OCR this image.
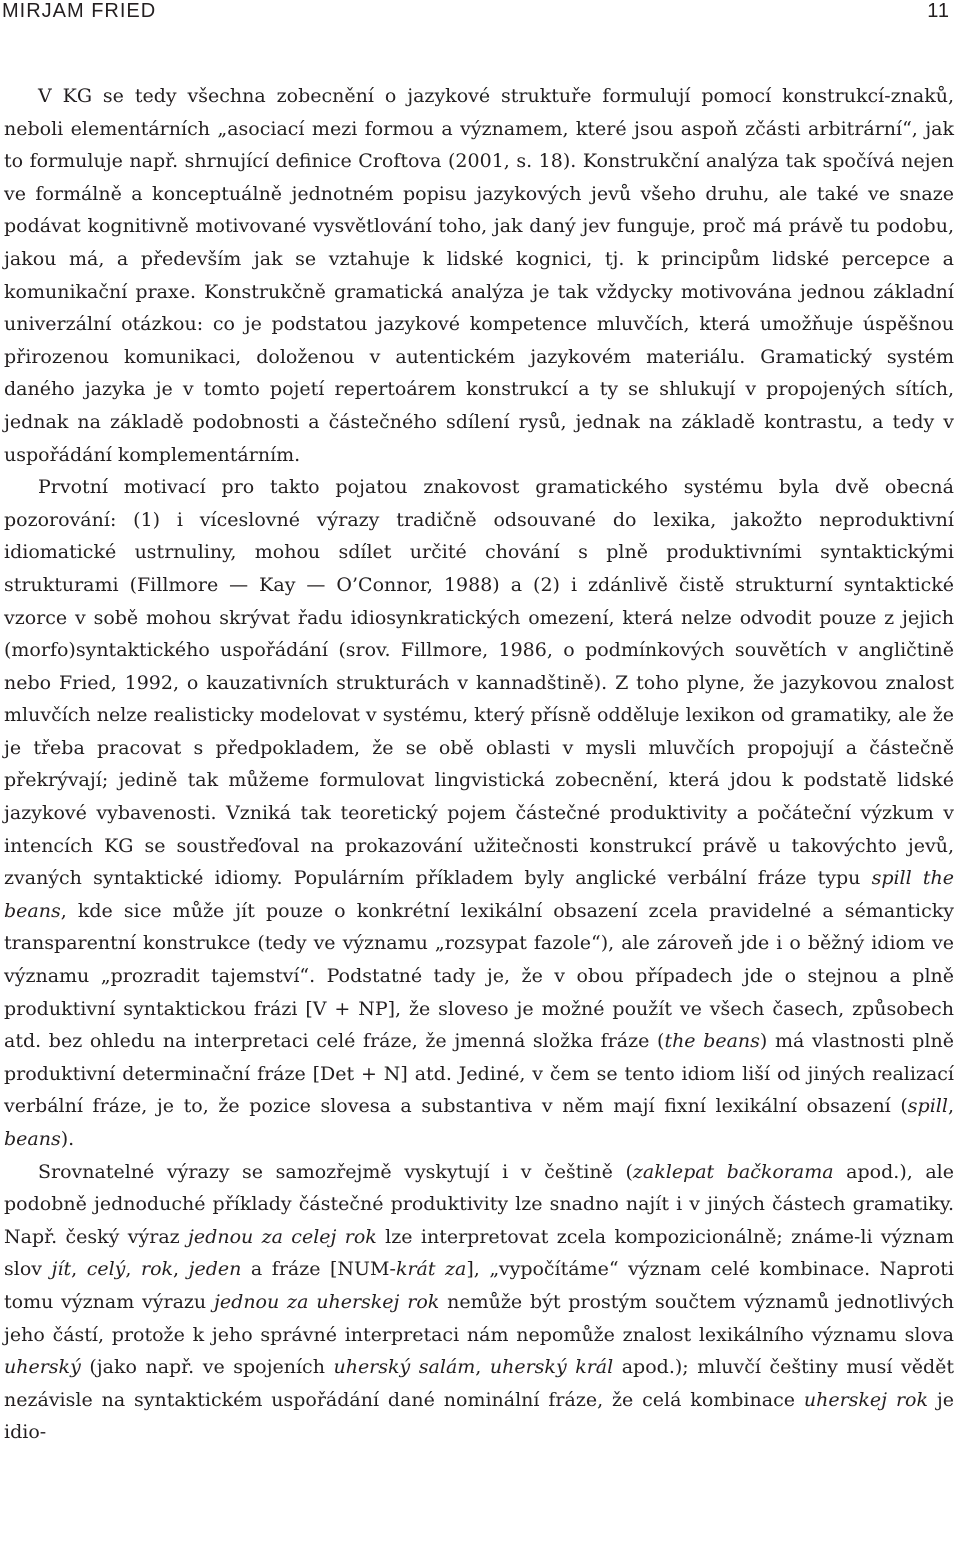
MIRJAM FRIED	11

V KG se tedy všechna zobecnění o jazykové struktuře formulují pomocí konstrukcí-znaků, neboli elementárních „asociací mezi formou a významem, které jsou aspoň zčásti arbitrární“, jak to formuluje např. shrnující definice Croftova (2001, s. 18). Konstrukční analýza tak spočívá nejen ve formálně a konceptuálně jednotném popisu jazykových jevů všeho druhu, ale také ve snaze podávat kognitivně motivované vysvětlování toho, jak daný jev funguje, proč má právě tu podobu, jakou má, a především jak se vztahuje k lidské kognici, tj. k principům lidské percepce a komunikační praxe. Konstrukčně gramatická analýza je tak vždycky motivována jednou základní univerzální otázkou: co je podstatou jazykové kompetence mluvčích, která umožňuje úspěšnou přirozenou komunikaci, doloženou v autentickém jazykovém materiálu. Gramatický systém daného jazyka je v tomto pojetí repertoárem konstrukcí a ty se shlukují v propojených sítích, jednak na základě podobnosti a částečného sdílení rysů, jednak na základě kontrastu, a tedy v uspořádání komplementárním.

Prvotní motivací pro takto pojatou znakovost gramatického systému byla dvě obecná pozorování: (1) i víceslovné výrazy tradičně odsouvané do lexika, jakožto neproduktivní idiomatické ustrnuliny, mohou sdílet určité chování s plně produktivními syntaktickými strukturami (Fillmore — Kay — O’Connor, 1988) a (2) i zdánlivě čistě strukturní syntaktické vzorce v sobě mohou skrývat řadu idiosynkratických omezení, která nelze odvodit pouze z jejich (morfo)syntaktického uspořádání (srov. Fillmore, 1986, o podmínkových souvětích v angličtině nebo Fried, 1992, o kauzativních strukturách v kannadštině). Z toho plyne, že jazykovou znalost mluvčích nelze realisticky modelovat v systému, který přísně odděluje lexikon od gramatiky, ale že je třeba pracovat s předpokladem, že se obě oblasti v mysli mluvčích propojují a částečně překrývají; jedině tak můžeme formulovat lingvistická zobecnění, která jdou k podstatě lidské jazykové vybavenosti. Vzniká tak teoretický pojem částečné produktivity a počáteční výzkum v intencích KG se soustřeďoval na prokazování užitečnosti konstrukcí právě u takovýchto jevů, zvaných syntaktické idiomy. Populárním příkladem byly anglické verbální fráze typu spill the beans, kde sice může jít pouze o konkrétní lexikální obsazení zcela pravidelné a sémanticky transparentní konstrukce (tedy ve významu „rozsypat fazole“), ale zároveň jde i o běžný idiom ve významu „prozradit tajemství“. Podstatné tady je, že v obou případech jde o stejnou a plně produktivní syntaktickou frázi [V + NP], že sloveso je možné použít ve všech časech, způsobech atd. bez ohledu na interpretaci celé fráze, že jmenná složka fráze (the beans) má vlastnosti plně produktivní determinační fráze [Det + N] atd. Jediné, v čem se tento idiom liší od jiných realizací verbální fráze, je to, že pozice slovesa a substantiva v něm mají fixní lexikální obsazení (spill, beans).

Srovnatelné výrazy se samozřejmě vyskytují i v češtině (zaklepat bačkorama apod.), ale podobně jednoduché příklady částečné produktivity lze snadno najít i v jiných částech gramatiky. Např. český výraz jednou za celej rok lze interpretovat zcela kompozicionálně; známe-li význam slov jít, celý, rok, jeden a fráze [NUM-krát za], „vypočítáme“ význam celé kombinace. Naproti tomu význam výrazu jednou za uherskej rok nemůže být prostým součtem významů jednotlivých jeho částí, protože k jeho správné interpretaci nám nepomůže znalost lexikálního významu slova uherský (jako např. ve spojeních uherský salám, uherský král apod.); mluvčí češtiny musí vědět nezávisle na syntaktickém uspořádání dané nominální fráze, že celá kombinace uherskej rok je idio-
